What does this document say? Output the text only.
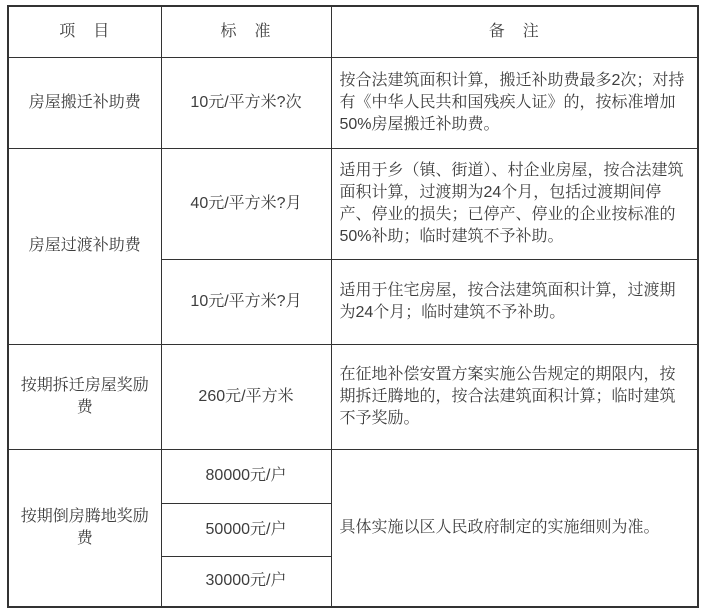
项　目	标　准	备　注
房屋搬迁补助费	10元/平方米?次	按合法建筑面积计算，搬迁补助费最多2次；对持有《中华人民共和国残疾人证》的，按标准增加50%房屋搬迁补助费。
房屋过渡补助费	40元/平方米?月	适用于乡（镇、街道）、村企业房屋，按合法建筑面积计算，过渡期为24个月，包括过渡期间停产、停业的损失；已停产、停业的企业按标准的50%补助；临时建筑不予补助。
	10元/平方米?月	适用于住宅房屋，按合法建筑面积计算，过渡期为24个月；临时建筑不予补助。
按期拆迁房屋奖励费	260元/平方米	在征地补偿安置方案实施公告规定的期限内，按期拆迁腾地的，按合法建筑面积计算；临时建筑不予奖励。
按期倒房腾地奖励费	80000元/户	具体实施以区人民政府制定的实施细则为准。
	50000元/户	
	30000元/户	
